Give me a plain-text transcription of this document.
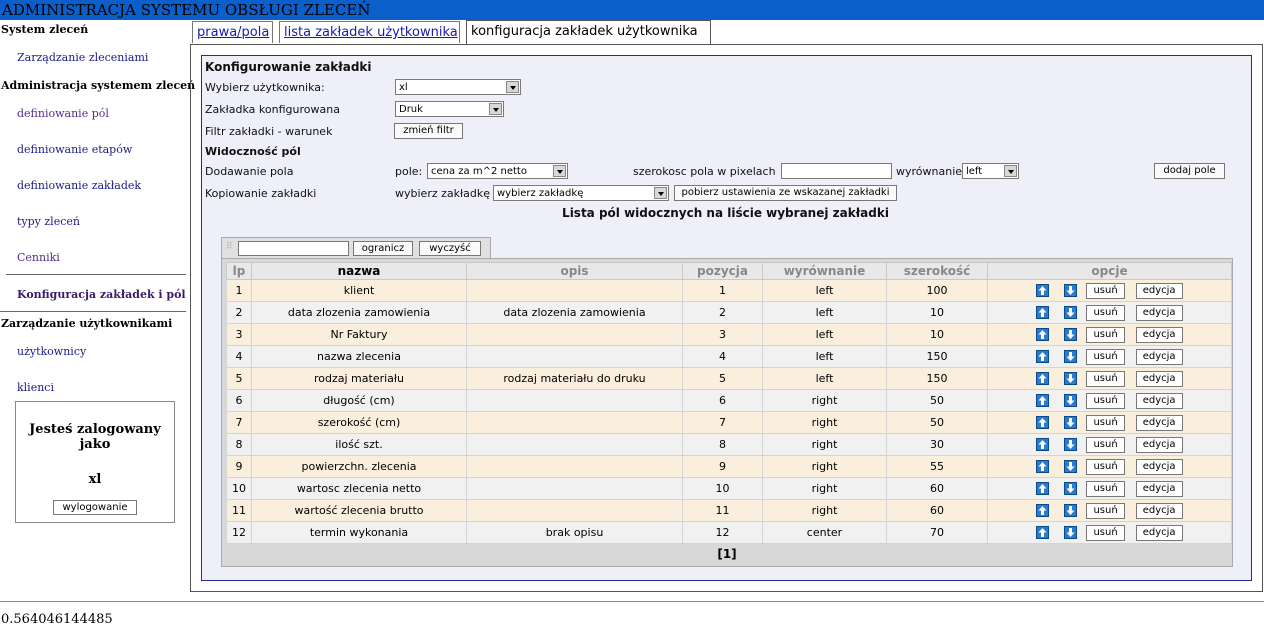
ADMINISTRACJA SYSTEMU OBSŁUGI ZLECEŃ
System zleceń
Zarządzanie zleceniami
Administracja systemem zleceń
definiowanie pól
definiowanie etapów
definiowanie zakładek
typy zleceń
Cenniki
Konfiguracja zakładek i pól
Zarządzanie użytkownikami
użytkownicy
klienci
Jesteś zalogowany jako
xl
wylogowanie
prawa/pola	lista zakładek użytkownika	konfiguracja zakładek użytkownika
Konfigurowanie zakładki
Wybierz użytkownika:	xl
Zakładka konfigurowana	Druk
Filtr zakładki - warunek	zmień filtr
Widoczność pól
Dodawanie pola	pole: cena za m^2 netto	szerokosc pola w pixelach	wyrównanie left	dodaj pole
Kopiowanie zakładki	wybierz zakładkę wybierz zakładkę	pobierz ustawienia ze wskazanej zakładki
Lista pól widocznych na liście wybranej zakładki
⠿	ogranicz	wyczyść
lp	nazwa	opis	pozycja	wyrównanie	szerokość	opcje
1	klient		1	left	100	usuń edycja
2	data zlozenia zamowienia	data zlozenia zamowienia	2	left	10	usuń edycja
3	Nr Faktury		3	left	10	usuń edycja
4	nazwa zlecenia		4	left	150	usuń edycja
5	rodzaj materiału	rodzaj materiału do druku	5	left	150	usuń edycja
6	długość (cm)		6	right	50	usuń edycja
7	szerokość (cm)		7	right	50	usuń edycja
8	ilość szt.		8	right	30	usuń edycja
9	powierzchn. zlecenia		9	right	55	usuń edycja
10	wartosc zlecenia netto		10	right	60	usuń edycja
11	wartość zlecenia brutto		11	right	60	usuń edycja
12	termin wykonania	brak opisu	12	center	70	usuń edycja
[1]
0.564046144485
